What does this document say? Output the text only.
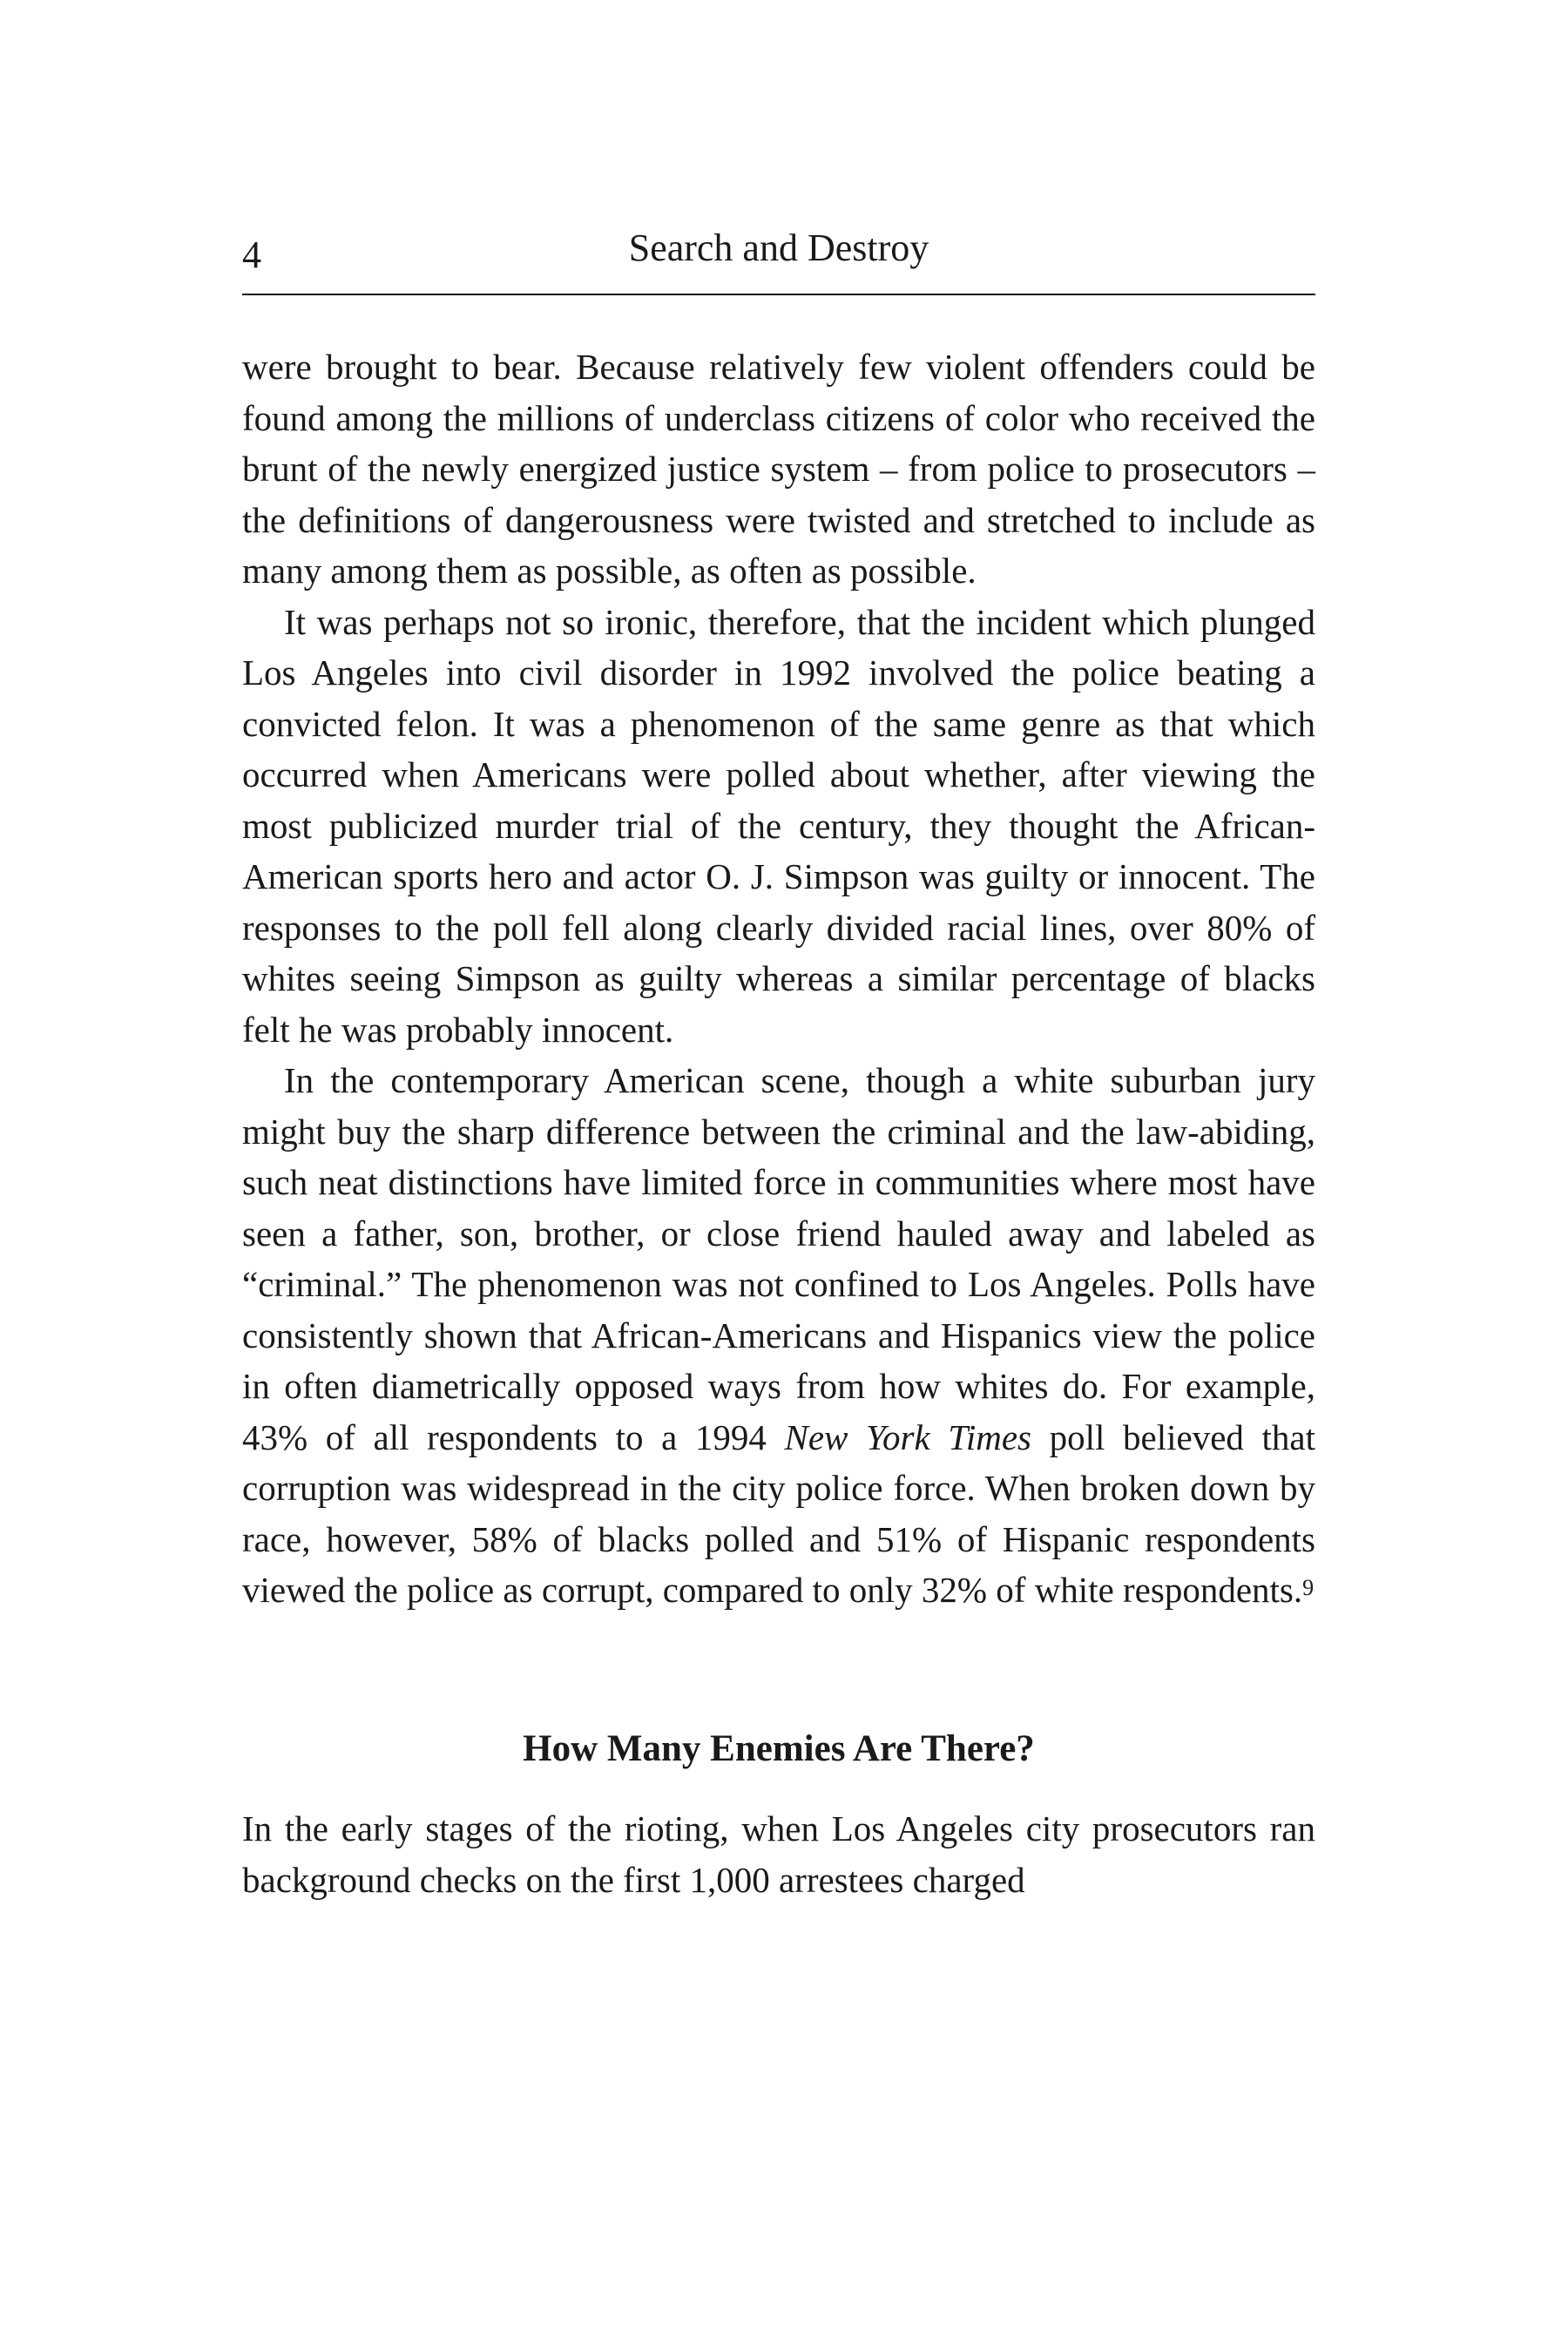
4	Search and Destroy

were brought to bear. Because relatively few violent offenders could be found among the millions of underclass citizens of color who received the brunt of the newly energized justice system – from police to prosecutors – the definitions of dangerousness were twisted and stretched to include as many among them as possible, as often as possible.

It was perhaps not so ironic, therefore, that the incident which plunged Los Angeles into civil disorder in 1992 involved the police beating a convicted felon. It was a phenomenon of the same genre as that which occurred when Americans were polled about whether, after viewing the most publicized murder trial of the century, they thought the African-American sports hero and actor O. J. Simpson was guilty or innocent. The responses to the poll fell along clearly divided racial lines, over 80% of whites seeing Simpson as guilty whereas a similar percentage of blacks felt he was probably innocent.

In the contemporary American scene, though a white suburban jury might buy the sharp difference between the criminal and the law-abiding, such neat distinctions have limited force in communities where most have seen a father, son, brother, or close friend hauled away and labeled as “criminal.” The phenomenon was not confined to Los Angeles. Polls have consistently shown that African-Americans and Hispanics view the police in often diametrically opposed ways from how whites do. For example, 43% of all respondents to a 1994 New York Times poll believed that corruption was widespread in the city police force. When broken down by race, however, 58% of blacks polled and 51% of Hispanic respondents viewed the police as corrupt, compared to only 32% of white respondents.$^9$

How Many Enemies Are There?

In the early stages of the rioting, when Los Angeles city prosecutors ran background checks on the first 1,000 arrestees charged
